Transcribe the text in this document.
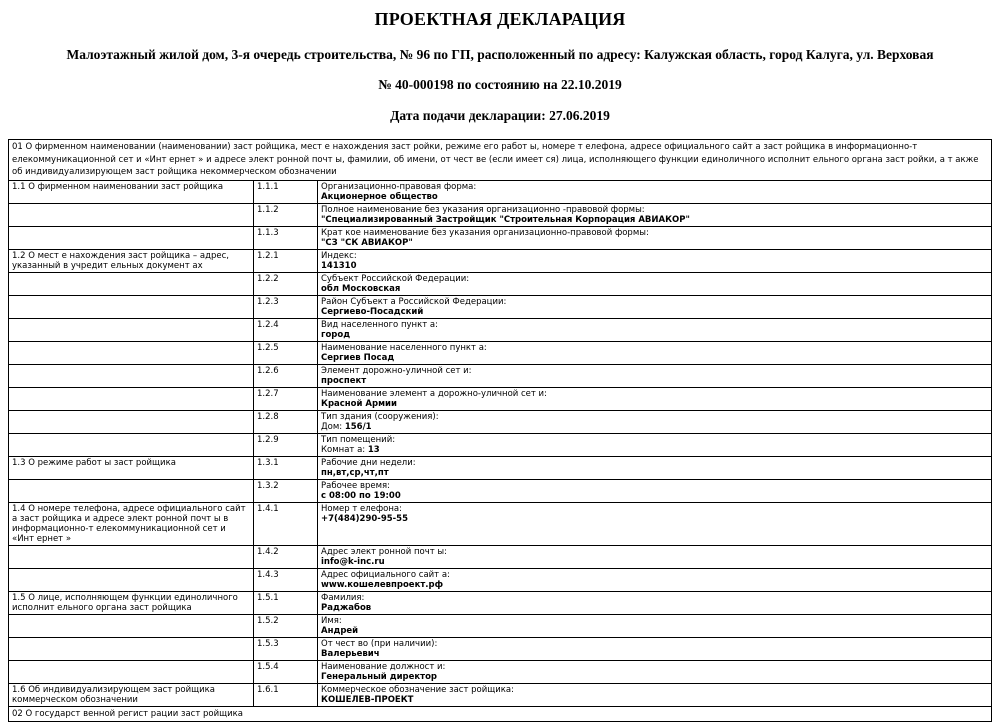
ПРОЕКТНАЯ ДЕКЛАРАЦИЯ
Малоэтажный жилой дом, 3-я очередь строительства, № 96 по ГП, расположенный по адресу: Калужская область, город Калуга, ул. Верховая
№ 40-000198 по состоянию на 22.10.2019
Дата подачи декларации: 27.06.2019
01 О фирменном наименовании (наименовании) заст ройщика, мест е нахождения заст ройки, режиме его работ ы, номере т елефона, адресе официального сайт а заст ройщика в информационно-т елекоммуникационной сет и «Инт ернет » и адресе элект ронной почт ы, фамилии, об имени, от чест ве (если имеет ся) лица, исполняющего функции единоличного исполнит ельного органа заст ройки, а т акже об индивидуализирующем заст ройщика некоммерческом обозначении		
1.1 О фирменном наименовании заст ройщика	1.1.1	Организационно-правовая форма:
Акционерное общество

	1.1.2	Полное наименование без указания организационно -правовой формы:
"Специализированный Застройщик "Строительная Корпорация АВИАКОР"

	1.1.3	Крат кое наименование без указания организационно-правовой формы:
"СЗ "СК АВИАКОР"

1.2 О мест е нахождения заст ройщика – адрес, указанный в учредит ельных документ ах	1.2.1	Индекс:
141310

	1.2.2	Субъект Российской Федерации:
обл Московская

	1.2.3	Район Субъект а Российской Федерации:
Сергиево-Посадский

	1.2.4	Вид населенного пункт а:
город

	1.2.5	Наименование населенного пункт а:
Сергиев Посад

	1.2.6	Элемент дорожно-уличной сет и:
проспект

	1.2.7	Наименование элемент а дорожно-уличной сет и:
Красной Армии

	1.2.8	Тип здания (сооружения):
Дом: 156/1

	1.2.9	Тип помещений:
Комнат а: 13

1.3 О режиме работ ы заст ройщика	1.3.1	Рабочие дни недели:
пн,вт,ср,чт,пт

	1.3.2	Рабочее время:
с 08:00 по 19:00

1.4 О номере телефона, адресе официального сайт а заст ройщика и адресе элект ронной почт ы в информационно-т елекоммуникационной сет и «Инт ернет »	1.4.1	Номер т елефона:
+7(484)290-95-55

	1.4.2	Адрес элект ронной почт ы:
info@k-inc.ru

	1.4.3	Адрес официального сайт а:
www.кошелевпроект.рф

1.5 О лице, исполняющем функции единоличного исполнит ельного органа заст ройщика	1.5.1	Фамилия:
Раджабов

	1.5.2	Имя:
Андрей

	1.5.3	От чест во (при наличии):
Валерьевич

	1.5.4	Наименование должност и:
Генеральный директор

1.6 Об индивидуализирующем заст ройщика коммерческом обозначении	1.6.1	Коммерческое обозначение заст ройщика:
КОШЕЛЕВ-ПРОЕКТ

02 О государст венной регист рации заст ройщика		
